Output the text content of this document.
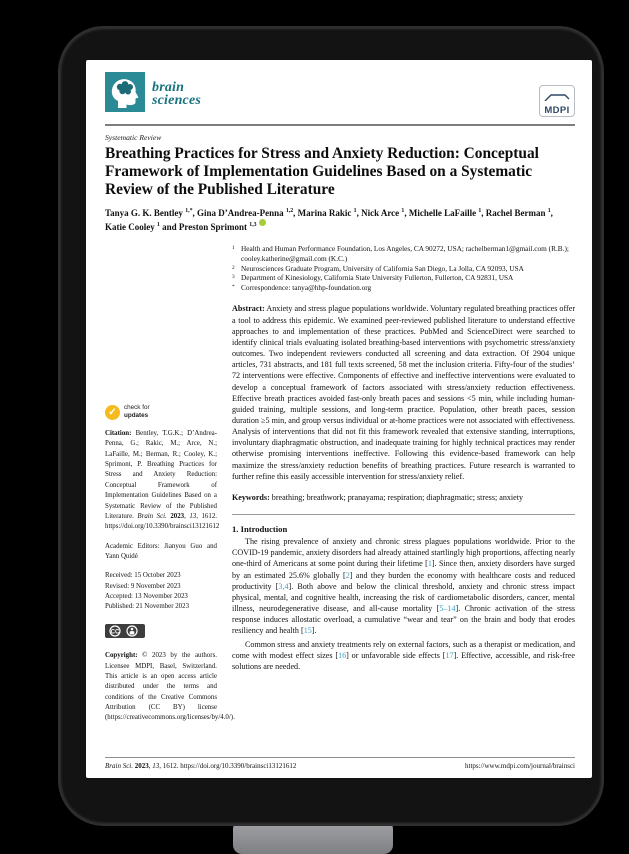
brain
sciences
MDPI
Systematic Review
Breathing Practices for Stress and Anxiety Reduction: Conceptual Framework of Implementation Guidelines Based on a Systematic Review of the Published Literature
Tanya G. K. Bentley $^{1,*}$, Gina D’Andrea-Penna $^{1,2}$, Marina Rakic $^1$, Nick Arce $^1$, Michelle LaFaille $^1$, Rachel Berman $^1$, Katie Cooley $^1$ and Preston Sprimont $^{1,3}$
✓	check for
updates
Citation: Bentley, T.G.K.; D’Andrea-Penna, G.; Rakic, M.; Arce, N.; LaFaille, M.; Berman, R.; Cooley, K.; Sprimont, P. Breathing Practices for Stress and Anxiety Reduction: Conceptual Framework of Implementation Guidelines Based on a Systematic Review of the Published Literature. Brain Sci. 2023, 13, 1612. https://doi.org/10.3390/brainsci13121612
Academic Editors: Jianyou Guo and Yann Quidé
Received: 15 October 2023
Revised: 9 November 2023
Accepted: 13 November 2023
Published: 21 November 2023
CC
Copyright: © 2023 by the authors. Licensee MDPI, Basel, Switzerland. This article is an open access article distributed under the terms and conditions of the Creative Commons Attribution (CC BY) license (https://creativecommons.org/licenses/by/4.0/).
1 Health and Human Performance Foundation, Los Angeles, CA 90272, USA; rachelberman1@gmail.com (R.B.); cooley.katherine@gmail.com (K.C.)
2 Neurosciences Graduate Program, University of California San Diego, La Jolla, CA 92093, USA
3 Department of Kinesiology, California State University Fullerton, Fullerton, CA 92831, USA
* Correspondence: tanya@hhp-foundation.org
Abstract: Anxiety and stress plague populations worldwide. Voluntary regulated breathing practices offer a tool to address this epidemic. We examined peer-reviewed published literature to understand effective approaches to and implementation of these practices. PubMed and ScienceDirect were searched to identify clinical trials evaluating isolated breathing-based interventions with psychometric stress/anxiety outcomes. Two independent reviewers conducted all screening and data extraction. Of 2904 unique articles, 731 abstracts, and 181 full texts screened, 58 met the inclusion criteria. Fifty-four of the studies’ 72 interventions were effective. Components of effective and ineffective interventions were evaluated to develop a conceptual framework of factors associated with stress/anxiety reduction effectiveness. Effective breath practices avoided fast-only breath paces and sessions <5 min, while including human-guided training, multiple sessions, and long-term practice. Population, other breath paces, session duration ≥5 min, and group versus individual or at-home practices were not associated with effectiveness. Analysis of interventions that did not fit this framework revealed that extensive standing, interruptions, involuntary diaphragmatic obstruction, and inadequate training for highly technical practices may render otherwise promising interventions ineffective. Following this evidence-based framework can help maximize the stress/anxiety reduction benefits of breathing practices. Future research is warranted to further refine this easily accessible intervention for stress/anxiety relief.
Keywords: breathing; breathwork; pranayama; respiration; diaphragmatic; stress; anxiety
1. Introduction
The rising prevalence of anxiety and chronic stress plagues populations worldwide. Prior to the COVID-19 pandemic, anxiety disorders had already attained startlingly high proportions, affecting nearly one-third of Americans at some point during their lifetime [1]. Since then, anxiety disorders have surged by an estimated 25.6% globally [2] and they burden the economy with healthcare costs and reduced productivity [3,4]. Both above and below the clinical threshold, anxiety and chronic stress impact physical, mental, and cognitive health, increasing the risk of cardiometabolic disorders, cancer, mental illness, neurodegenerative disease, and all-cause mortality [5–14]. Chronic activation of the stress response induces allostatic overload, a cumulative “wear and tear” on the brain and body that erodes resiliency and health [15].
Common stress and anxiety treatments rely on external factors, such as a therapist or medication, and come with modest effect sizes [16] or unfavorable side effects [17]. Effective, accessible, and risk-free solutions are needed.
Brain Sci. 2023, 13, 1612. https://doi.org/10.3390/brainsci13121612	https://www.mdpi.com/journal/brainsci
